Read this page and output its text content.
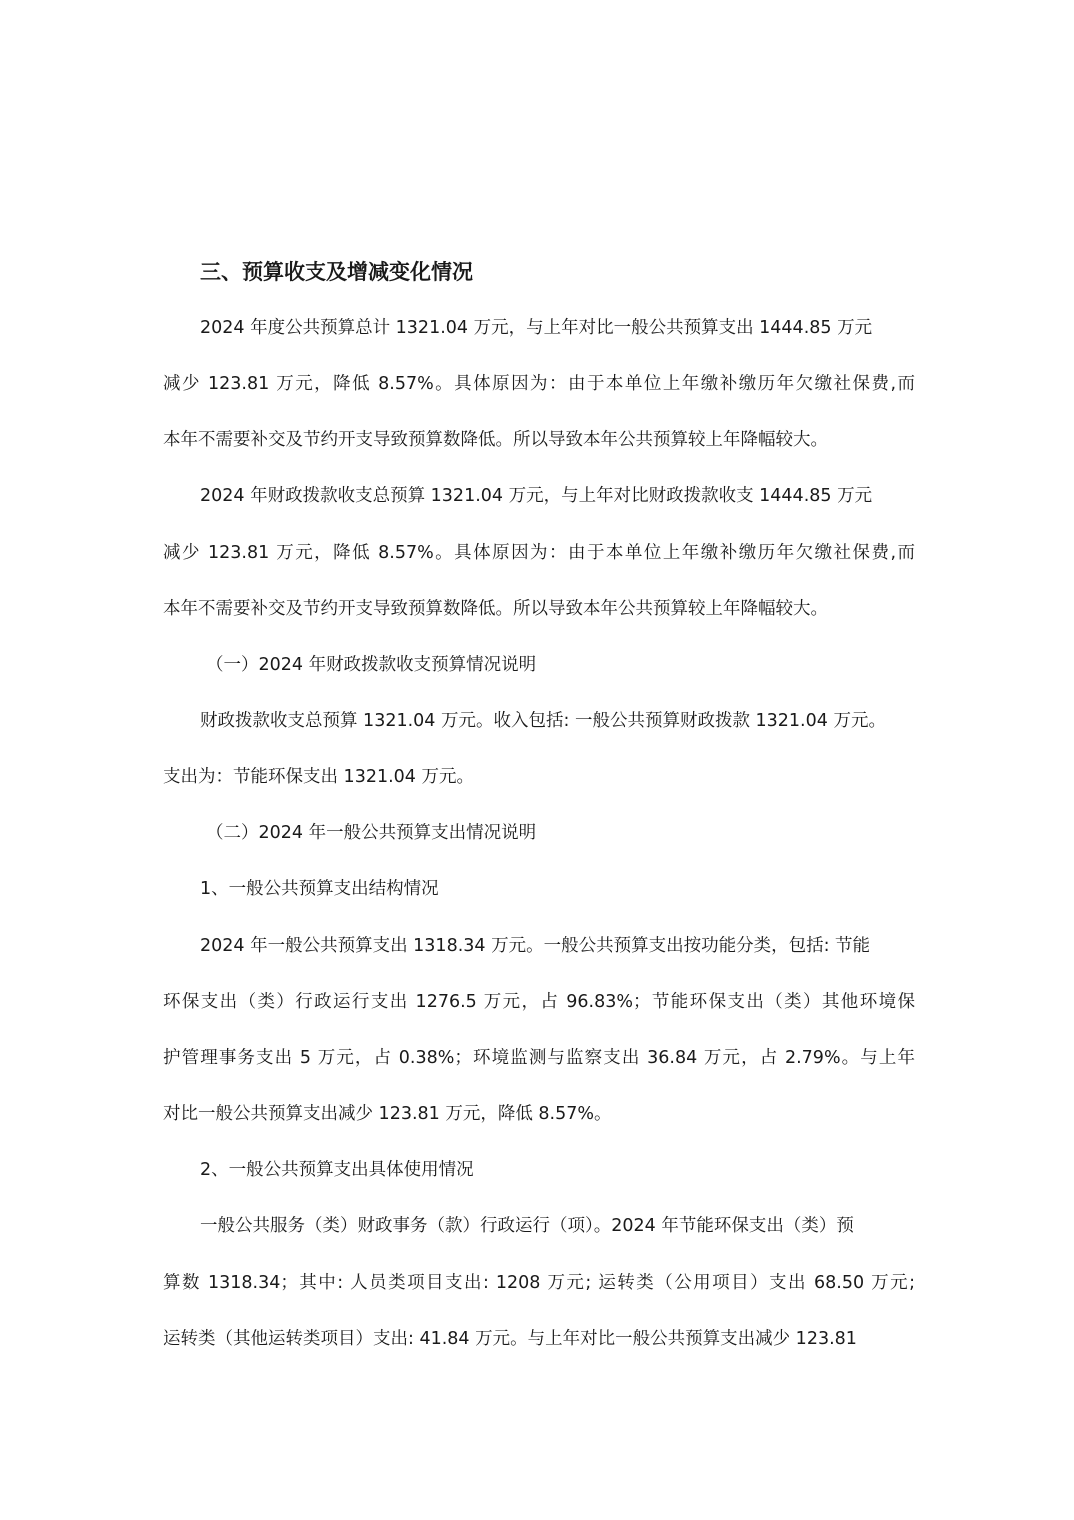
三、预算收支及增减变化情况
2024 年度公共预算总计 1321.04 万元，与上年对比一般公共预算支出 1444.85 万元
减少 123.81 万元，降低 8.57%。具体原因为：由于本单位上年缴补缴历年欠缴社保费,而
本年不需要补交及节约开支导致预算数降低。所以导致本年公共预算较上年降幅较大。
2024 年财政拨款收支总预算 1321.04 万元，与上年对比财政拨款收支 1444.85 万元
减少 123.81 万元，降低 8.57%。具体原因为：由于本单位上年缴补缴历年欠缴社保费,而
本年不需要补交及节约开支导致预算数降低。所以导致本年公共预算较上年降幅较大。
（一）2024 年财政拨款收支预算情况说明
财政拨款收支总预算 1321.04 万元。收入包括: 一般公共预算财政拨款 1321.04 万元。
支出为：节能环保支出 1321.04 万元。
（二）2024 年一般公共预算支出情况说明
1、一般公共预算支出结构情况
2024 年一般公共预算支出 1318.34 万元。一般公共预算支出按功能分类，包括: 节能
环保支出（类）行政运行支出 1276.5 万元，占 96.83%；节能环保支出（类）其他环境保
护管理事务支出 5 万元，占 0.38%；环境监测与监察支出 36.84 万元，占 2.79%。与上年
对比一般公共预算支出减少 123.81 万元，降低 8.57%。
2、一般公共预算支出具体使用情况
一般公共服务（类）财政事务（款）行政运行（项）。2024 年节能环保支出（类）预
算数 1318.34；其中: 人员类项目支出: 1208 万元; 运转类（公用项目）支出 68.50 万元;
运转类（其他运转类项目）支出: 41.84 万元。与上年对比一般公共预算支出减少 123.81
